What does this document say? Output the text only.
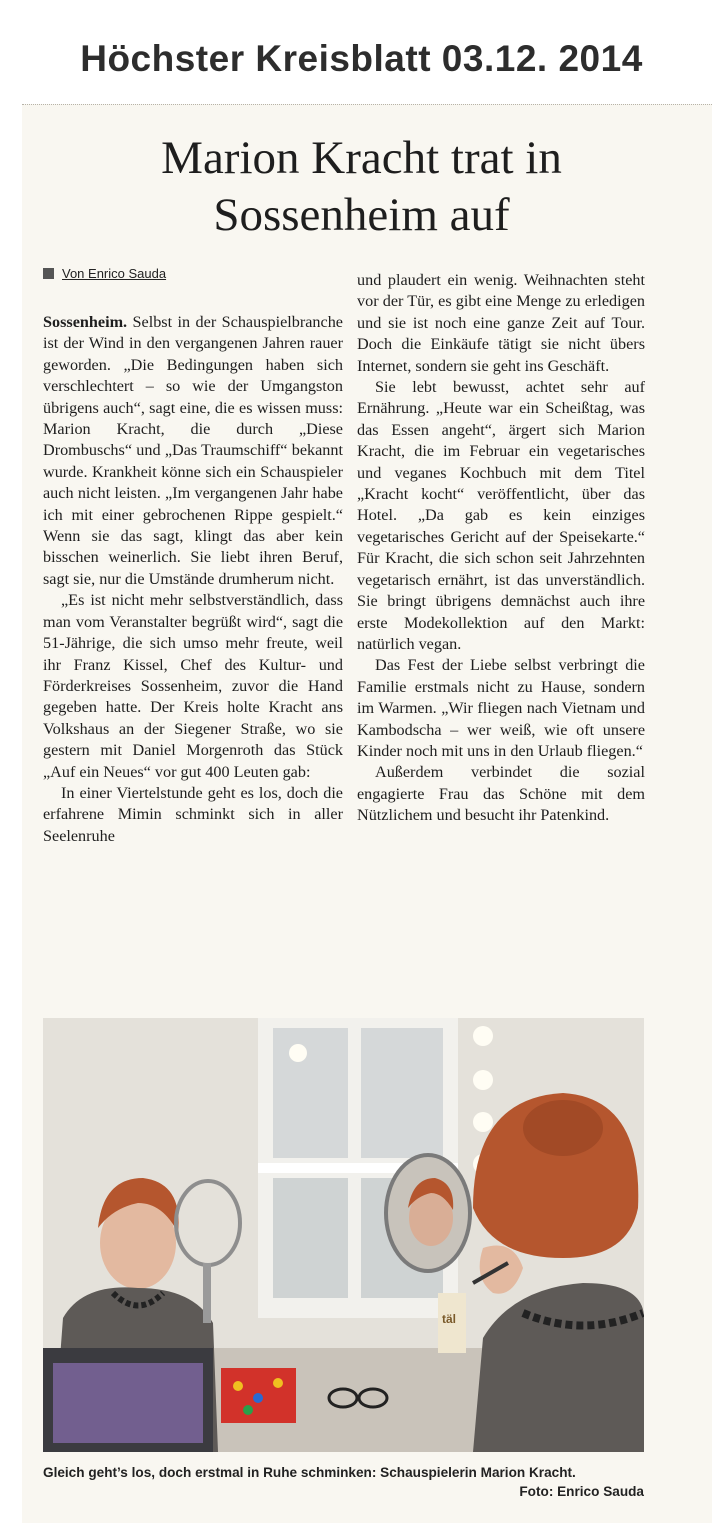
Höchster Kreisblatt 03.12. 2014
Marion Kracht trat in
Sossenheim auf
Von Enrico Sauda

Sossenheim. Selbst in der Schauspielbranche ist der Wind in den vergangenen Jahren rauer geworden. „Die Bedingungen haben sich verschlechtert – so wie der Umgangston übrigens auch“, sagt eine, die es wissen muss: Marion Kracht, die durch „Diese Drombuschs“ und „Das Traumschiff“ bekannt wurde. Krankheit könne sich ein Schauspieler auch nicht leisten. „Im vergangenen Jahr habe ich mit einer gebrochenen Rippe gespielt.“ Wenn sie das sagt, klingt das aber kein bisschen weinerlich. Sie liebt ihren Beruf, sagt sie, nur die Umstände drumherum nicht.

„Es ist nicht mehr selbstverständlich, dass man vom Veranstalter begrüßt wird“, sagt die 51-Jährige, die sich umso mehr freute, weil ihr Franz Kissel, Chef des Kultur- und Förderkreises Sossenheim, zuvor die Hand gegeben hatte. Der Kreis holte Kracht ans Volkshaus an der Siegener Straße, wo sie gestern mit Daniel Morgenroth das Stück „Auf ein Neues“ vor gut 400 Leuten gab:

In einer Viertelstunde geht es los, doch die erfahrene Mimin schminkt sich in aller Seelenruhe

und plaudert ein wenig. Weihnachten steht vor der Tür, es gibt eine Menge zu erledigen und sie ist noch eine ganze Zeit auf Tour. Doch die Einkäufe tätigt sie nicht übers Internet, sondern sie geht ins Geschäft.

Sie lebt bewusst, achtet sehr auf Ernährung. „Heute war ein Scheißtag, was das Essen angeht“, ärgert sich Marion Kracht, die im Februar ein vegetarisches und veganes Kochbuch mit dem Titel „Kracht kocht“ veröffentlicht, über das Hotel. „Da gab es kein einziges vegetarisches Gericht auf der Speisekarte.“ Für Kracht, die sich schon seit Jahrzehnten vegetarisch ernährt, ist das unverständlich. Sie bringt übrigens demnächst auch ihre erste Modekollektion auf den Markt: natürlich vegan.

Das Fest der Liebe selbst verbringt die Familie erstmals nicht zu Hause, sondern im Warmen. „Wir fliegen nach Vietnam und Kambodscha – wer weiß, wie oft unsere Kinder noch mit uns in den Urlaub fliegen.“

Außerdem verbindet die sozial engagierte Frau das Schöne mit dem Nützlichem und besucht ihr Patenkind.

täl
Gleich geht’s los, doch erstmal in Ruhe schminken: Schauspielerin Marion Kracht.
Foto: Enrico Sauda
